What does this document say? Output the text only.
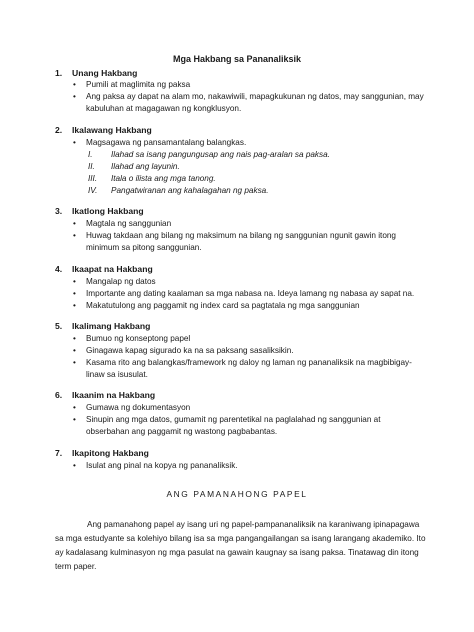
Mga Hakbang sa Pananaliksik
1. Unang Hakbang
• Pumili at maglimita ng paksa
• Ang paksa ay dapat na alam mo, nakawiwili, mapagkukunan ng datos, may sanggunian, may
kabuluhan at magagawan ng kongklusyon.
2. Ikalawang Hakbang
• Magsagawa ng pansamantalang balangkas.
I. Ilahad sa isang pangungusap ang nais pag-aralan sa paksa.
II. Ilahad ang layunin.
III. Itala o ilista ang mga tanong.
IV. Pangatwiranan ang kahalagahan ng paksa.
3. Ikatlong Hakbang
• Magtala ng sanggunian
• Huwag takdaan ang bilang ng maksimum na bilang ng sanggunian ngunit gawin itong
minimum sa pitong sanggunian.
4. Ikaapat na Hakbang
• Mangalap ng datos
• Importante ang dating kaalaman sa mga nabasa na. Ideya lamang ng nabasa ay sapat na.
• Makatutulong ang paggamit ng index card sa pagtatala ng mga sanggunian
5. Ikalimang Hakbang
• Bumuo ng konseptong papel
• Ginagawa kapag sigurado ka na sa paksang sasaliksikin.
• Kasama rito ang balangkas/framework ng daloy ng laman ng pananaliksik na magbibigay-
linaw sa isusulat.
6. Ikaanim na Hakbang
• Gumawa ng dokumentasyon
• Sinupin ang mga datos, gumamit ng parentetikal na paglalahad ng sanggunian at
obserbahan ang paggamit ng wastong pagbabantas.
7. Ikapitong Hakbang
• Isulat ang pinal na kopya ng pananaliksik.
ANG PAMANAHONG PAPEL
Ang pamanahong papel ay isang uri ng papel-pampananaliksik na karaniwang ipinapagawa
sa mga estudyante sa kolehiyo bilang isa sa mga pangangailangan sa isang larangang akademiko. Ito
ay kadalasang kulminasyon ng mga pasulat na gawain kaugnay sa isang paksa. Tinatawag din itong
term paper.
